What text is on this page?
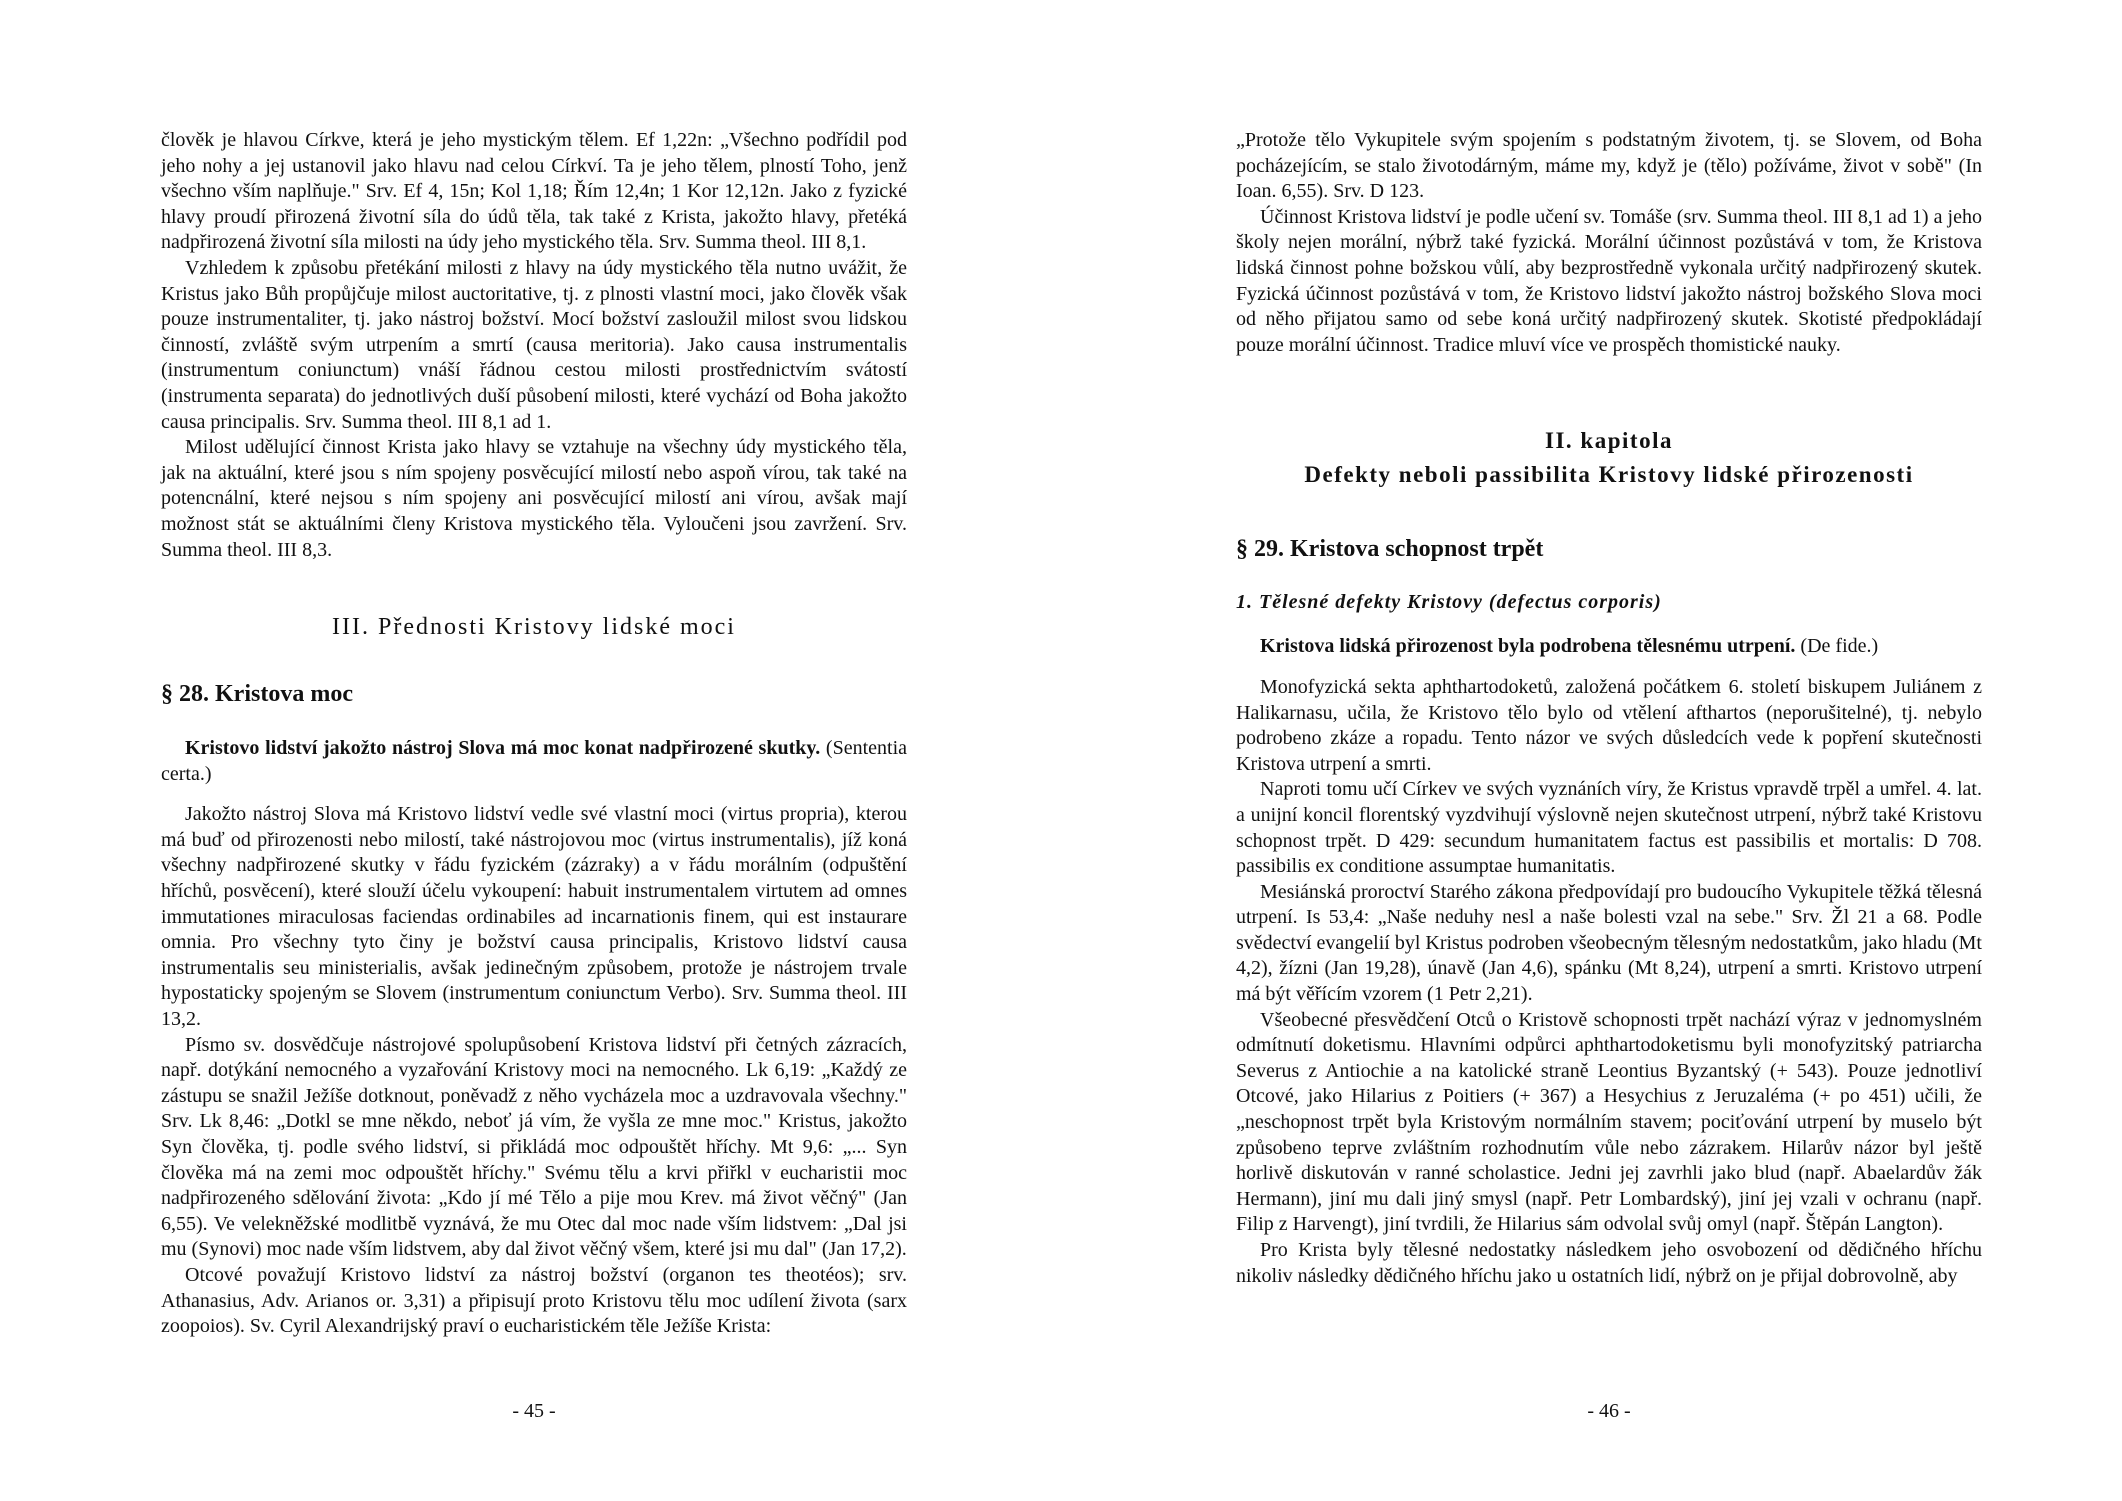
člověk je hlavou Církve, která je jeho mystickým tělem. Ef 1,22n: „Všechno podřídil pod jeho nohy a jej ustanovil jako hlavu nad celou Církví. Ta je jeho tělem, plností Toho, jenž všechno vším naplňuje." Srv. Ef 4, 15n; Kol 1,18; Řím 12,4n; 1 Kor 12,12n. Jako z fyzické hlavy proudí přirozená životní síla do údů těla, tak také z Krista, jakožto hlavy, přetéká nadpřirozená životní síla milosti na údy jeho mystického těla. Srv. Summa theol. III 8,1.

Vzhledem k způsobu přetékání milosti z hlavy na údy mystického těla nutno uvážit, že Kristus jako Bůh propůjčuje milost auctoritative, tj. z plnosti vlastní moci, jako člověk však pouze instrumentaliter, tj. jako nástroj božství. Mocí božství zasloužil milost svou lidskou činností, zvláště svým utrpením a smrtí (causa meritoria). Jako causa instrumentalis (instrumentum coniunctum) vnáší řádnou cestou milosti prostřednictvím svátostí (instrumenta separata) do jednotlivých duší působení milosti, které vychází od Boha jakožto causa principalis. Srv. Summa theol. III 8,1 ad 1.

Milost udělující činnost Krista jako hlavy se vztahuje na všechny údy mystického těla, jak na aktuální, které jsou s ním spojeny posvěcující milostí nebo aspoň vírou, tak také na potencnální, které nejsou s ním spojeny ani posvěcující milostí ani vírou, avšak mají možnost stát se aktuálními členy Kristova mystického těla. Vyloučeni jsou zavržení. Srv. Summa theol. III 8,3.

III. Přednosti Kristovy lidské moci
§ 28. Kristova moc

Kristovo lidství jakožto nástroj Slova má moc konat nadpřirozené skutky. (Sententia certa.)

Jakožto nástroj Slova má Kristovo lidství vedle své vlastní moci (virtus propria), kterou má buď od přirozenosti nebo milostí, také nástrojovou moc (virtus instrumentalis), jíž koná všechny nadpřirozené skutky v řádu fyzickém (zázraky) a v řádu morálním (odpuštění hříchů, posvěcení), které slouží účelu vykoupení: habuit instrumentalem virtutem ad omnes immutationes miraculosas faciendas ordinabiles ad incarnationis finem, qui est instaurare omnia. Pro všechny tyto činy je božství causa principalis, Kristovo lidství causa instrumentalis seu ministerialis, avšak jedinečným způsobem, protože je nástrojem trvale hypostaticky spojeným se Slovem (instrumentum coniunctum Verbo). Srv. Summa theol. III 13,2.

Písmo sv. dosvědčuje nástrojové spolupůsobení Kristova lidství při četných zázracích, např. dotýkání nemocného a vyzařování Kristovy moci na nemocného. Lk 6,19: „Každý ze zástupu se snažil Ježíše dotknout, poněvadž z něho vycházela moc a uzdravovala všechny." Srv. Lk 8,46: „Dotkl se mne někdo, neboť já vím, že vyšla ze mne moc." Kristus, jakožto Syn člověka, tj. podle svého lidství, si přikládá moc odpouštět hříchy. Mt 9,6: „... Syn člověka má na zemi moc odpouštět hříchy." Svému tělu a krvi přiřkl v eucharistii moc nadpřirozeného sdělování života: „Kdo jí mé Tělo a pije mou Krev. má život věčný" (Jan 6,55). Ve velekněžské modlitbě vyznává, že mu Otec dal moc nade vším lidstvem: „Dal jsi mu (Synovi) moc nade vším lidstvem, aby dal život věčný všem, které jsi mu dal" (Jan 17,2).

Otcové považují Kristovo lidství za nástroj božství (organon tes theotéos); srv. Athanasius, Adv. Arianos or. 3,31) a připisují proto Kristovu tělu moc udílení života (sarx zoopoios). Sv. Cyril Alexandrijský praví o eucharistickém těle Ježíše Krista:

„Protože tělo Vykupitele svým spojením s podstatným životem, tj. se Slovem, od Boha pocházejícím, se stalo životodárným, máme my, když je (tělo) požíváme, život v sobě" (In Ioan. 6,55). Srv. D 123.

Účinnost Kristova lidství je podle učení sv. Tomáše (srv. Summa theol. III 8,1 ad 1) a jeho školy nejen morální, nýbrž také fyzická. Morální účinnost pozůstává v tom, že Kristova lidská činnost pohne božskou vůlí, aby bezprostředně vykonala určitý nadpřirozený skutek. Fyzická účinnost pozůstává v tom, že Kristovo lidství jakožto nástroj božského Slova moci od něho přijatou samo od sebe koná určitý nadpřirozený skutek. Skotisté předpokládají pouze morální účinnost. Tradice mluví více ve prospěch thomistické nauky.

II. kapitola
Defekty neboli passibilita Kristovy lidské přirozenosti
§ 29. Kristova schopnost trpět
1. Tělesné defekty Kristovy (defectus corporis)

Kristova lidská přirozenost byla podrobena tělesnému utrpení. (De fide.)

Monofyzická sekta aphthartodoketů, založená počátkem 6. století biskupem Juliánem z Halikarnasu, učila, že Kristovo tělo bylo od vtělení afthartos (neporušitelné), tj. nebylo podrobeno zkáze a ropadu. Tento názor ve svých důsledcích vede k popření skutečnosti Kristova utrpení a smrti.

Naproti tomu učí Církev ve svých vyznáních víry, že Kristus vpravdě trpěl a umřel. 4. lat. a unijní koncil florentský vyzdvihují výslovně nejen skutečnost utrpení, nýbrž také Kristovu schopnost trpět. D 429: secundum humanitatem factus est passibilis et mortalis: D 708. passibilis ex conditione assumptae humanitatis.

Mesiánská proroctví Starého zákona předpovídají pro budoucího Vykupitele těžká tělesná utrpení. Is 53,4: „Naše neduhy nesl a naše bolesti vzal na sebe." Srv. Žl 21 a 68. Podle svědectví evangelií byl Kristus podroben všeobecným tělesným nedostatkům, jako hladu (Mt 4,2), žízni (Jan 19,28), únavě (Jan 4,6), spánku (Mt 8,24), utrpení a smrti. Kristovo utrpení má být věřícím vzorem (1 Petr 2,21).

Všeobecné přesvědčení Otců o Kristově schopnosti trpět nachází výraz v jednomyslném odmítnutí doketismu. Hlavními odpůrci aphthartodoketismu byli monofyzitský patriarcha Severus z Antiochie a na katolické straně Leontius Byzantský (+ 543). Pouze jednotliví Otcové, jako Hilarius z Poitiers (+ 367) a Hesychius z Jeruzaléma (+ po 451) učili, že „neschopnost trpět byla Kristovým normálním stavem; pociťování utrpení by muselo být způsobeno teprve zvláštním rozhodnutím vůle nebo zázrakem. Hilarův názor byl ještě horlivě diskutován v ranné scholastice. Jedni jej zavrhli jako blud (např. Abaelardův žák Hermann), jiní mu dali jiný smysl (např. Petr Lombardský), jiní jej vzali v ochranu (např. Filip z Harvengt), jiní tvrdili, že Hilarius sám odvolal svůj omyl (např. Štěpán Langton).

Pro Krista byly tělesné nedostatky následkem jeho osvobození od dědičného hříchu nikoliv následky dědičného hříchu jako u ostatních lidí, nýbrž on je přijal dobrovolně, aby

- 45 -	- 46 -
